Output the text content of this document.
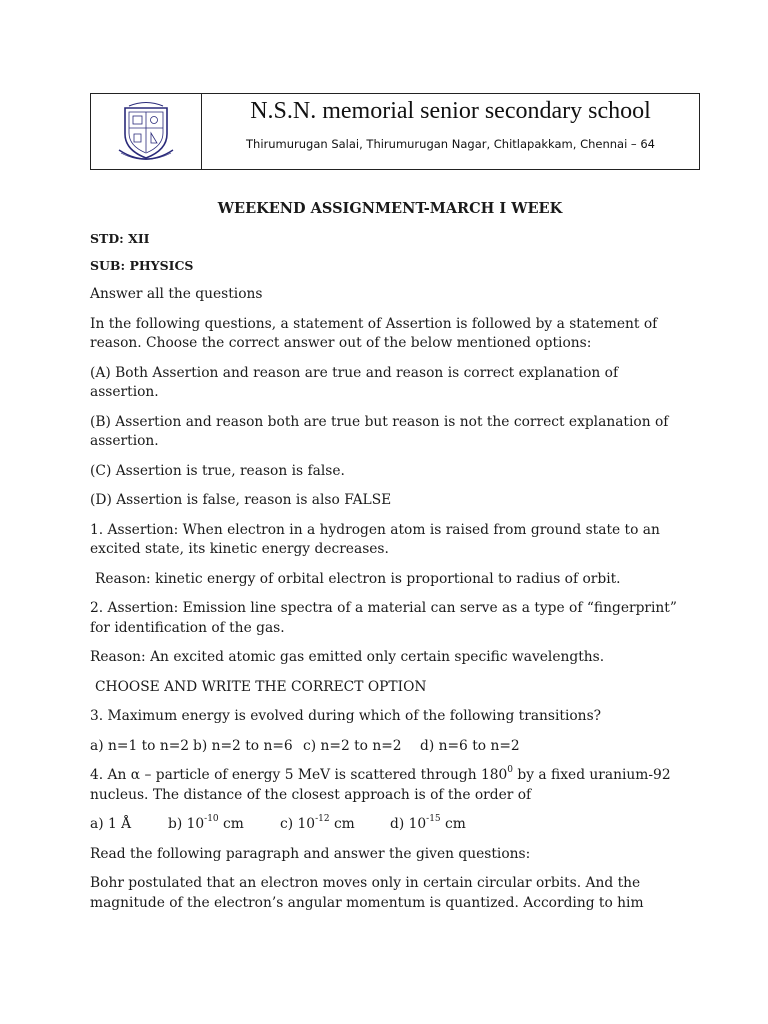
N.S.N. memorial senior secondary school
Thirumurugan Salai, Thirumurugan Nagar, Chitlapakkam, Chennai – 64
WEEKEND ASSIGNMENT-MARCH I WEEK
STD: XII
SUB: PHYSICS
Answer all the questions
In the following questions, a statement of Assertion is followed by a statement of reason. Choose the correct answer out of the below mentioned options:
(A) Both Assertion and reason are true and reason is correct explanation of assertion.
(B) Assertion and reason both are true but reason is not the correct explanation of assertion.
(C) Assertion is true, reason is false.
(D) Assertion is false, reason is also FALSE
1. Assertion: When electron in a hydrogen atom is raised from ground state to an excited state, its kinetic energy decreases.
Reason: kinetic energy of orbital electron is proportional to radius of orbit.
2. Assertion: Emission line spectra of a material can serve as a type of “fingerprint” for identification of the gas.
Reason: An excited atomic gas emitted only certain specific wavelengths.
CHOOSE AND WRITE THE CORRECT OPTION
3. Maximum energy is evolved during which of the following transitions?
a) n=1 to n=2 b) n=2 to n=6 c) n=2 to n=2 d) n=6 to n=2
4. An α – particle of energy 5 MeV is scattered through $180^0$ by a fixed uranium-92 nucleus. The distance of the closest approach is of the order of
a) 1 Å	b) $10^{-10}$ cm	c) $10^{-12}$ cm	d) $10^{-15}$ cm
Read the following paragraph and answer the given questions:
Bohr postulated that an electron moves only in certain circular orbits. And the magnitude of the electron’s angular momentum is quantized. According to him
